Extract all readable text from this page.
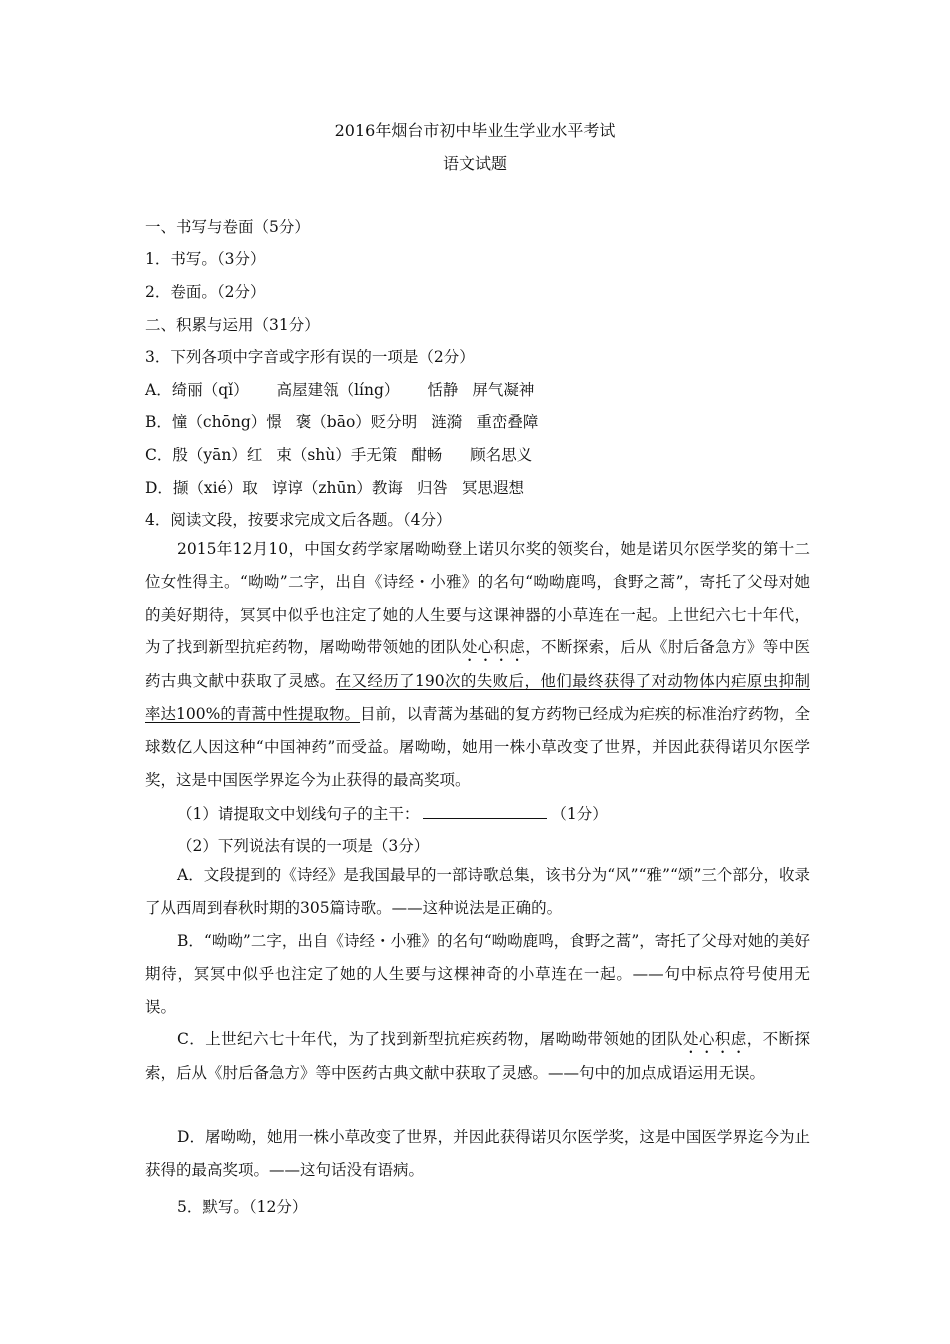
2016年烟台市初中毕业生学业水平考试
语文试题
一、书写与卷面（5分）
1．书写。（3分）
2．卷面。（2分）
二、积累与运用（31分）
3．下列各项中字音或字形有误的一项是（2分）
A．绮丽（qǐ） 高屋建瓴（líng） 恬静 屏气凝神
B．憧（chōng）憬 褒（bāo）贬分明 涟漪 重峦叠障
C．殷（yān）红 束（shù）手无策 酣畅 顾名思义
D．撷（xié）取 谆谆（zhūn）教诲 归咎 冥思遐想
4．阅读文段，按要求完成文后各题。（4分）
2015年12月10，中国女药学家屠呦呦登上诺贝尔奖的领奖台，她是诺贝尔医学奖的第十二位女性得主。“呦呦”二字，出自《诗经・小雅》的名句“呦呦鹿鸣，食野之蒿”，寄托了父母对她的美好期待，冥冥中似乎也注定了她的人生要与这课神器的小草连在一起。上世纪六七十年代，为了找到新型抗疟药物，屠呦呦带领她的团队处心积虑，不断探索，后从《肘后备急方》等中医药古典文献中获取了灵感。在又经历了190次的失败后，他们最终获得了对动物体内疟原虫抑制率达100%的青蒿中性提取物。目前，以青蒿为基础的复方药物已经成为疟疾的标准治疗药物，全球数亿人因这种“中国神药”而受益。屠呦呦，她用一株小草改变了世界，并因此获得诺贝尔医学奖，这是中国医学界迄今为止获得的最高奖项。
（1）请提取文中划线句子的主干：	（1分）
（2）下列说法有误的一项是（3分）
A．文段提到的《诗经》是我国最早的一部诗歌总集，该书分为“风”“雅”“颂”三个部分，收录了从西周到春秋时期的305篇诗歌。——这种说法是正确的。
B．“呦呦”二字，出自《诗经・小雅》的名句“呦呦鹿鸣，食野之蒿”，寄托了父母对她的美好期待，冥冥中似乎也注定了她的人生要与这棵神奇的小草连在一起。——句中标点符号使用无误。
C．上世纪六七十年代，为了找到新型抗疟疾药物，屠呦呦带领她的团队处心积虑，不断探索，后从《肘后备急方》等中医药古典文献中获取了灵感。——句中的加点成语运用无误。
D．屠呦呦，她用一株小草改变了世界，并因此获得诺贝尔医学奖，这是中国医学界迄今为止获得的最高奖项。——这句话没有语病。
5．默写。（12分）
